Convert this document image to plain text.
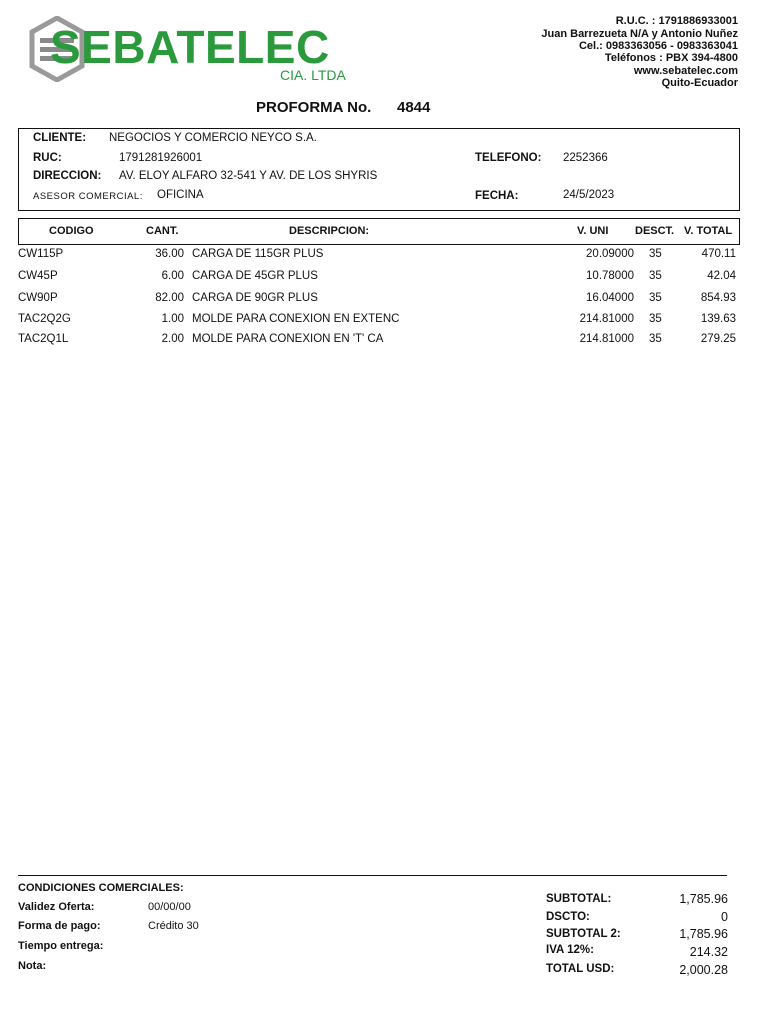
SEBATELEC
CIA. LTDA
R.U.C. : 1791886933001
Juan Barrezueta N/A y Antonio Nuñez
Cel.: 0983363056 - 0983363041
Teléfonos : PBX 394-4800
www.sebatelec.com
Quito-Ecuador
PROFORMA No. 4844
CLIENTE: NEGOCIOS Y COMERCIO NEYCO S.A.
RUC:	1791281926001	TELEFONO: 2252366
DIRECCION: AV. ELOY ALFARO 32-541 Y AV. DE LOS SHYRIS
ASESOR COMERCIAL: OFICINA	FECHA:	24/5/2023
CODIGO	CANT.	DESCRIPCION:	V. UNI DESCT. V. TOTAL
CW115P	36.00 CARGA DE 115GR PLUS	20.09000 35	470.11
CW45P	6.00 CARGA DE 45GR PLUS	10.78000 35	42.04
CW90P	82.00 CARGA DE 90GR PLUS	16.04000 35	854.93
TAC2Q2G	1.00 MOLDE PARA CONEXION EN EXTENC	214.81000 35	139.63
TAC2Q1L	2.00 MOLDE PARA CONEXION EN 'T' CA	214.81000 35	279.25
CONDICIONES COMERCIALES:
Validez Oferta:	00/00/00
Forma de pago:	Crédito 30
Tiempo entrega:
Nota:
SUBTOTAL:	1,785.96
DSCTO:	0
SUBTOTAL 2:	1,785.96
IVA 12%:	214.32
TOTAL USD:	2,000.28
